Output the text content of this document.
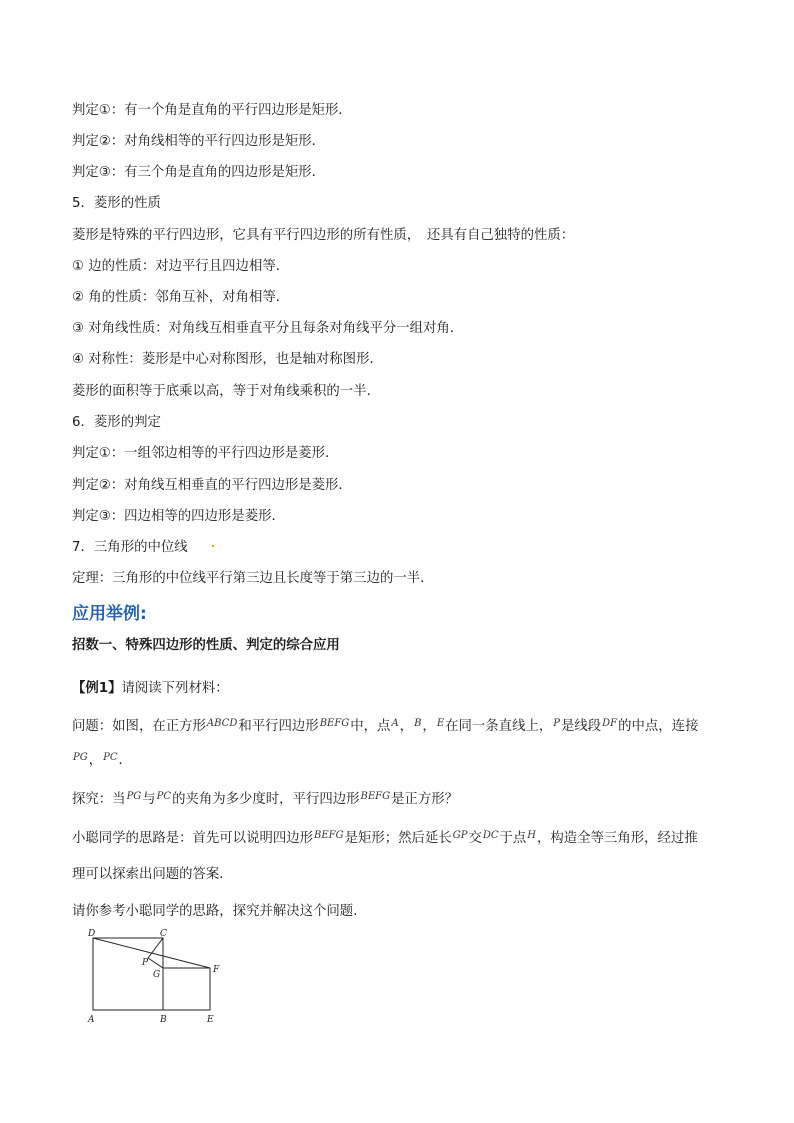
判定①：有一个角是直角的平行四边形是矩形．
判定②：对角线相等的平行四边形是矩形．
判定③：有三个角是直角的四边形是矩形．
5．菱形的性质
菱形是特殊的平行四边形，它具有平行四边形的所有性质，　还具有自己独特的性质：
① 边的性质：对边平行且四边相等．
② 角的性质：邻角互补，对角相等．
③ 对角线性质：对角线互相垂直平分且每条对角线平分一组对角．
④ 对称性：菱形是中心对称图形，也是轴对称图形．
菱形的面积等于底乘以高，等于对角线乘积的一半．
6．菱形的判定
判定①：一组邻边相等的平行四边形是菱形．
判定②：对角线互相垂直的平行四边形是菱形．
判定③：四边相等的四边形是菱形．
7．三角形的中位线
定理：三角形的中位线平行第三边且长度等于第三边的一半．
应用举例:
招数一、特殊四边形的性质、判定的综合应用
【例1】请阅读下列材料：
问题：如图，在正方形$^{ABCD}$和平行四边形$^{BEFG}$中，点$^A$，$^B$，$^E$在同一条直线上，$^P$是线段$^{DF}$的中点，连接
$^{PG}$，$^{PC}$．
探究：当$^{PG}$与$^{PC}$的夹角为多少度时，平行四边形$^{BEFG}$是正方形？
小聪同学的思路是：首先可以说明四边形$^{BEFG}$是矩形；然后延长$^{GP}$交$^{DC}$于点$^H$，构造全等三角形，经过推
理可以探索出问题的答案．
请你参考小聪同学的思路，探究并解决这个问题．
D	C
P
G	F
A	B	E
